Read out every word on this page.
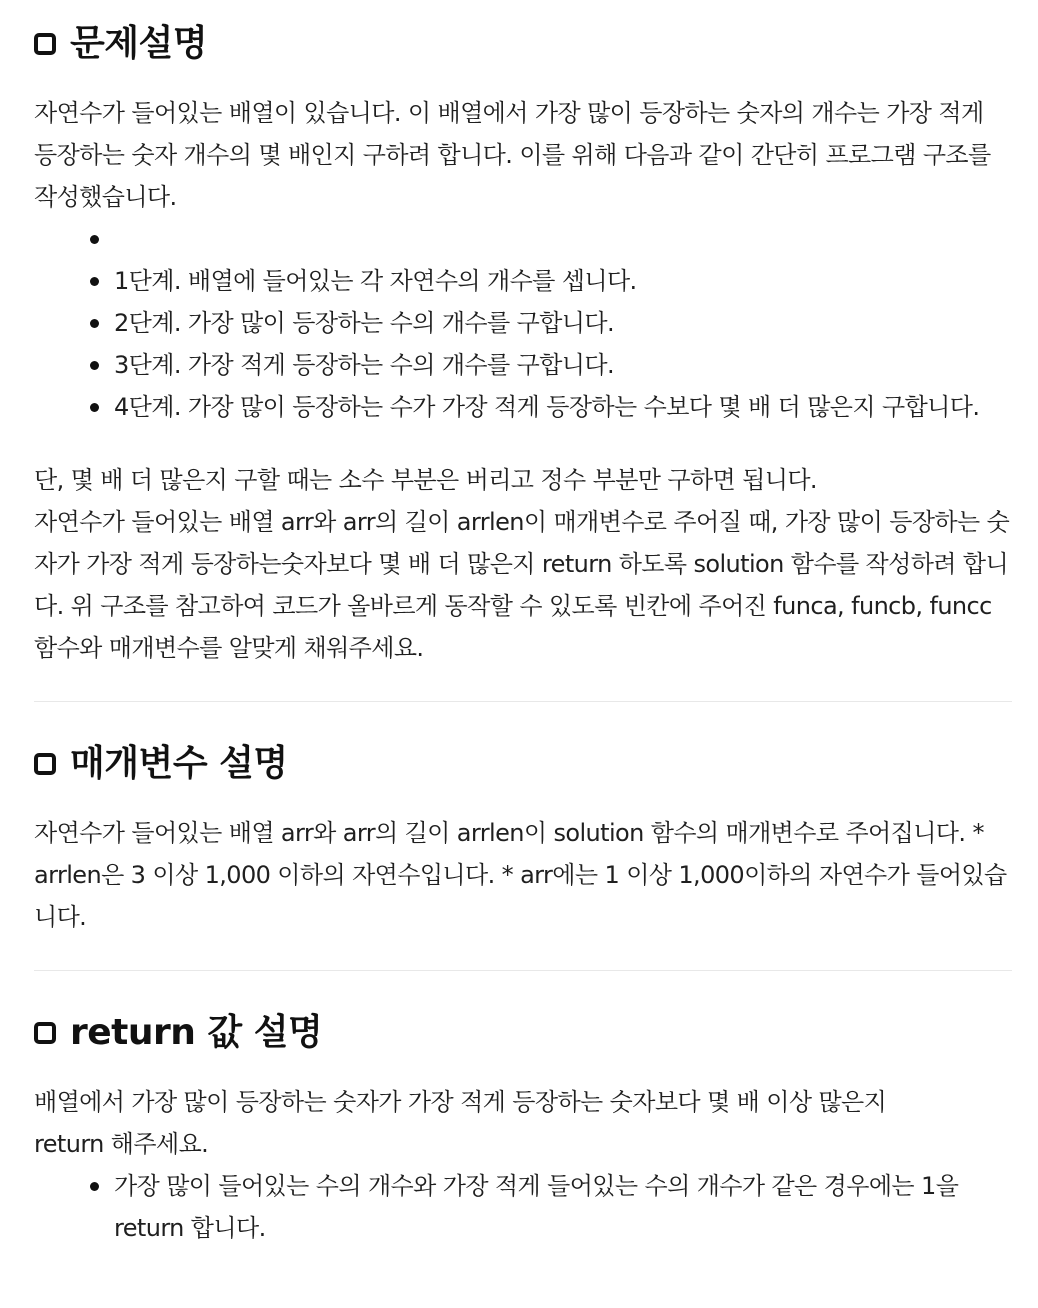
문제설명

자연수가 들어있는 배열이 있습니다. 이 배열에서 가장 많이 등장하는 숫자의 개수는 가장 적게 등장하는 숫자 개수의 몇 배인지 구하려 합니다. 이를 위해 다음과 같이 간단히 프로그램 구조를 작성했습니다.

1단계. 배열에 들어있는 각 자연수의 개수를 셉니다.
2단계. 가장 많이 등장하는 수의 개수를 구합니다.
3단계. 가장 적게 등장하는 수의 개수를 구합니다.
4단계. 가장 많이 등장하는 수가 가장 적게 등장하는 수보다 몇 배 더 많은지 구합니다.

단, 몇 배 더 많은지 구할 때는 소수 부분은 버리고 정수 부분만 구하면 됩니다.

자연수가 들어있는 배열 arr와 arr의 길이 arrlen이 매개변수로 주어질 때, 가장 많이 등장하는 숫자가 가장 적게 등장하는숫자보다 몇 배 더 많은지 return 하도록 solution 함수를 작성하려 합니다. 위 구조를 참고하여 코드가 올바르게 동작할 수 있도록 빈칸에 주어진 funca, funcb, funcc 함수와 매개변수를 알맞게 채워주세요.

매개변수 설명

자연수가 들어있는 배열 arr와 arr의 길이 arrlen이 solution 함수의 매개변수로 주어집니다. * arrlen은 3 이상 1,000 이하의 자연수입니다. * arr에는 1 이상 1,000이하의 자연수가 들어있습니다.

return 값 설명

배열에서 가장 많이 등장하는 숫자가 가장 적게 등장하는 숫자보다 몇 배 이상 많은지 return 해주세요.

가장 많이 들어있는 수의 개수와 가장 적게 들어있는 수의 개수가 같은 경우에는 1을 return 합니다.
